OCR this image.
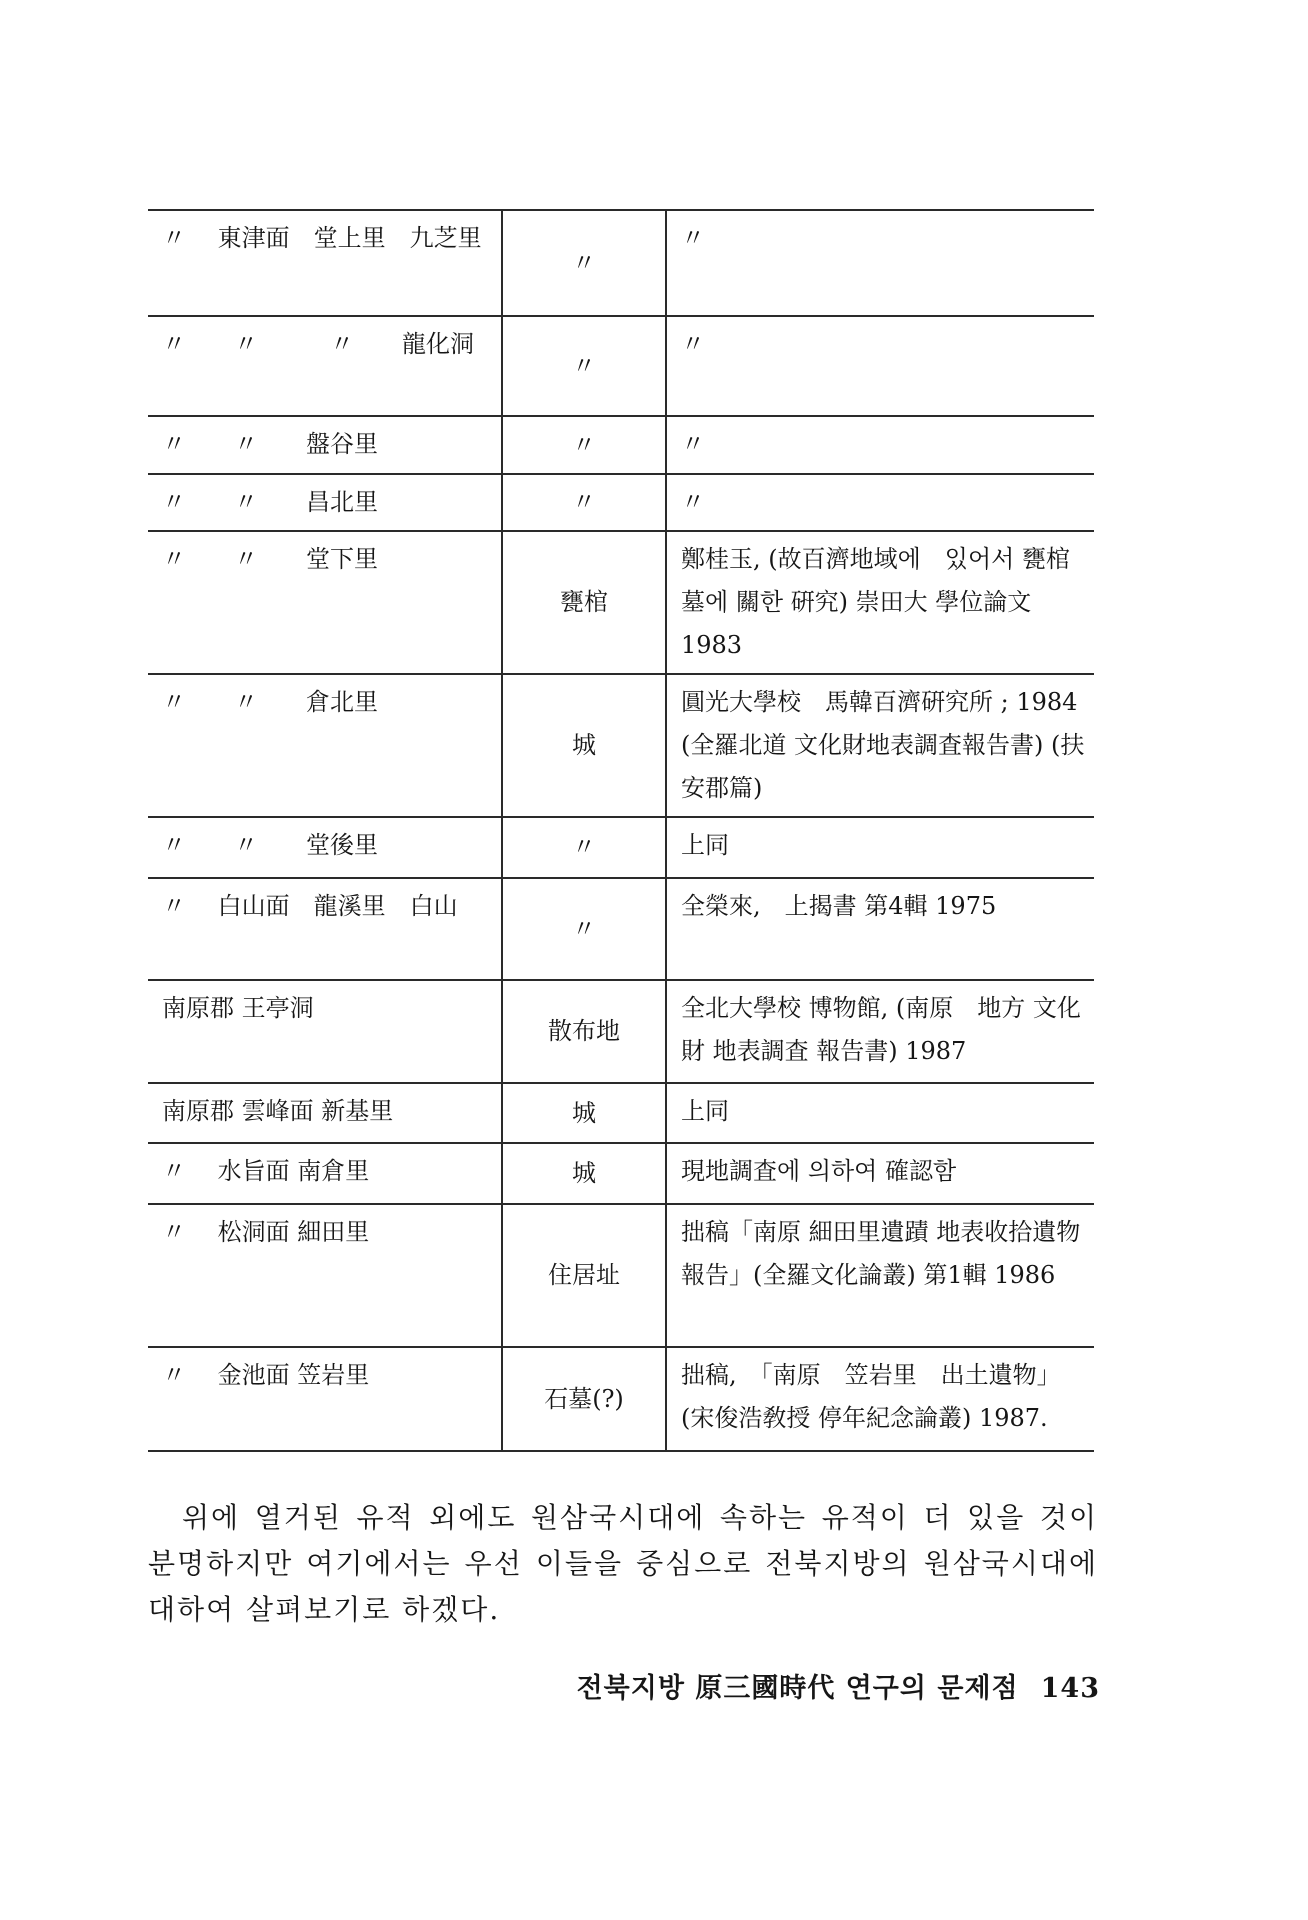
〃　 東津面　堂上里　九芝里	〃	〃
〃　　〃　　　〃　　龍化洞	〃	〃
〃　　〃　　盤谷里	〃	〃
〃　　〃　　昌北里	〃	〃
〃　　〃　　堂下里	甕棺	鄭桂玉, (故百濟地域에　있어서 甕棺墓에 關한 硏究) 崇田大 學位論文 1983
〃　　〃　　倉北里	城	圓光大學校　馬韓百濟硏究所 ; 1984 (全羅北道 文化財地表調査報告書) (扶安郡篇)
〃　　〃　　堂後里	〃	上同
〃　 白山面　龍溪里　白山	〃	全榮來,　上揭書 第4輯 1975
南原郡 王亭洞	散布地	全北大學校 博物館, (南原　地方 文化財 地表調査 報告書) 1987
南原郡 雲峰面 新基里	城	上同
〃　 水旨面 南倉里	城	現地調査에 의하여 確認함
〃　 松洞面 細田里	住居址	拙稿「南原 細田里遺蹟 地表收拾遺物報告」(全羅文化論叢) 第1輯 1986
〃　 金池面 笠岩里	石墓(?)	拙稿,　「南原　笠岩里　出土遺物」(宋俊浩敎授 停年紀念論叢) 1987.

위에 열거된 유적 외에도 원삼국시대에 속하는 유적이 더 있을 것이 분명하지만 여기에서는 우선 이들을 중심으로 전북지방의 원삼국시대에 대하여 살펴보기로 하겠다.

전북지방 原三國時代 연구의 문제점 143
